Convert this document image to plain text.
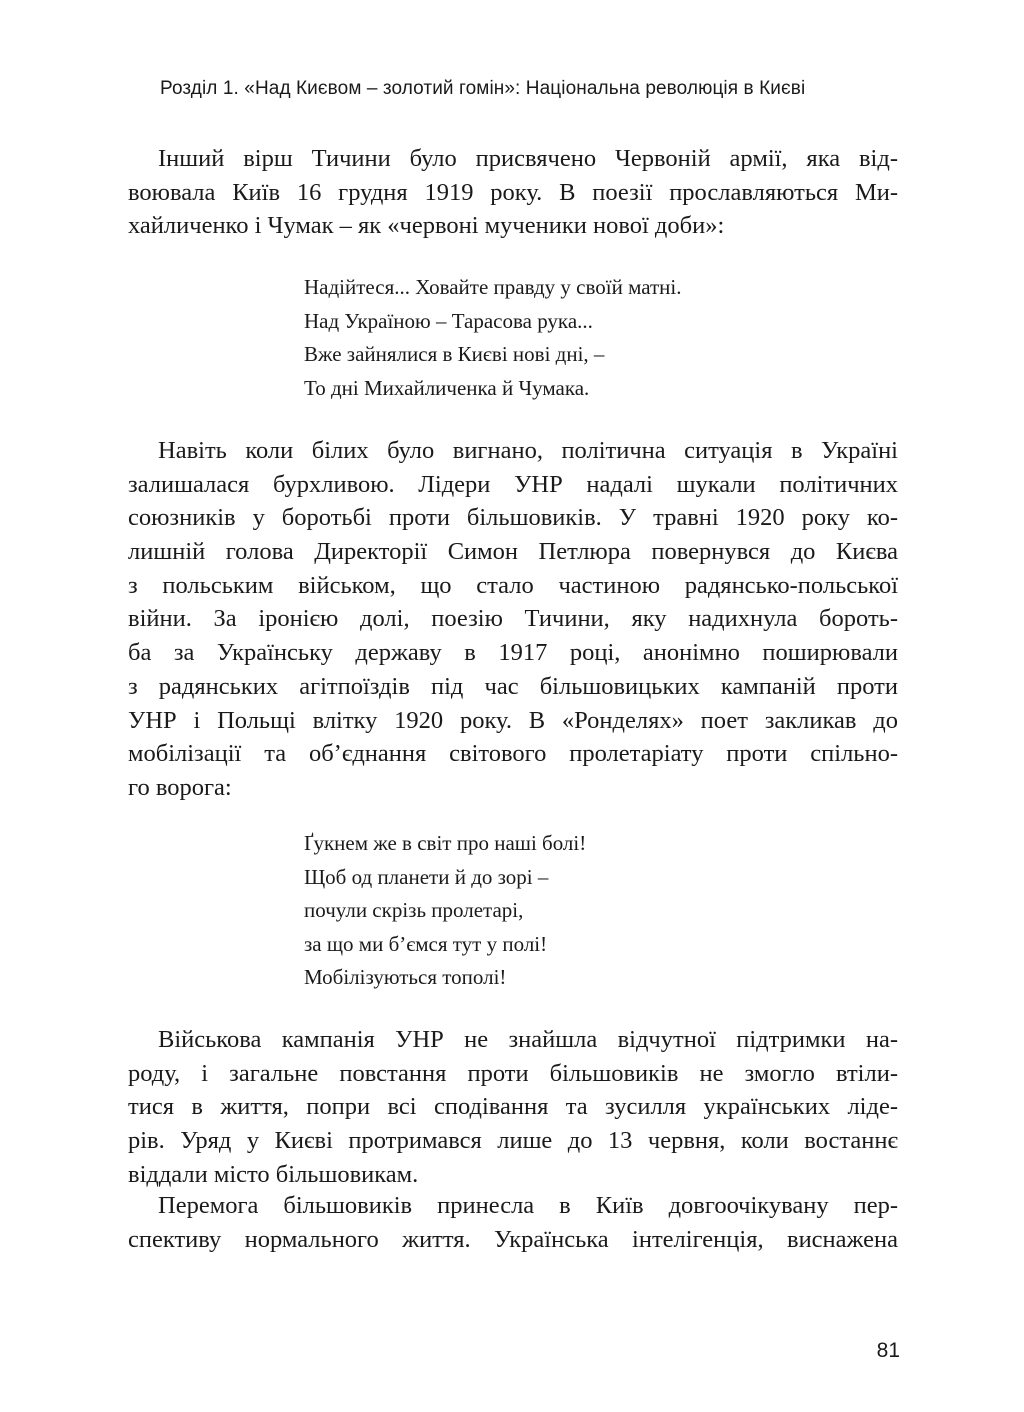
Розділ 1. «Над Києвом – золотий гомін»: Національна революція в Києві
Інший вірш Тичини було присвячено Червоній армії, яка від-
воювала Київ 16 грудня 1919 року. В поезії прославляються Ми-
хайличенко і Чумак – як «червоні мученики нової доби»:
Надійтеся... Ховайте правду у своїй матні.
Над Україною – Тарасова рука...
Вже зайнялися в Києві нові дні, –
То дні Михайличенка й Чумака.
Навіть коли білих було вигнано, політична ситуація в Україні
залишалася бурхливою. Лідери УНР надалі шукали політичних
союзників у боротьбі проти більшовиків. У травні 1920 року ко-
лишній голова Директорії Симон Петлюра повернувся до Києва
з польським військом, що стало частиною радянсько-польської
війни. За іронією долі, поезію Тичини, яку надихнула бороть-
ба за Українську державу в 1917 році, анонімно поширювали
з радянських агітпоїздів під час більшовицьких кампаній проти
УНР і Польщі влітку 1920 року. В «Ронделях» поет закликав до
мобілізації та об’єднання світового пролетаріату проти спільно-
го ворога:
Ґукнем же в світ про наші болі!
Щоб од планети й до зорі –
почули скрізь пролетарі,
за що ми б’ємся тут у полі!
Мобілізуються тополі!
Військова кампанія УНР не знайшла відчутної підтримки на-
роду, і загальне повстання проти більшовиків не змогло втіли-
тися в життя, попри всі сподівання та зусилля українських лідe-
рів. Уряд у Києві протримався лише до 13 червня, коли востаннє
віддали місто більшовикам.
Перемога більшовиків принесла в Київ довгоочікувану пер-
спективу нормального життя. Українська інтелігенція, виснажена
81
